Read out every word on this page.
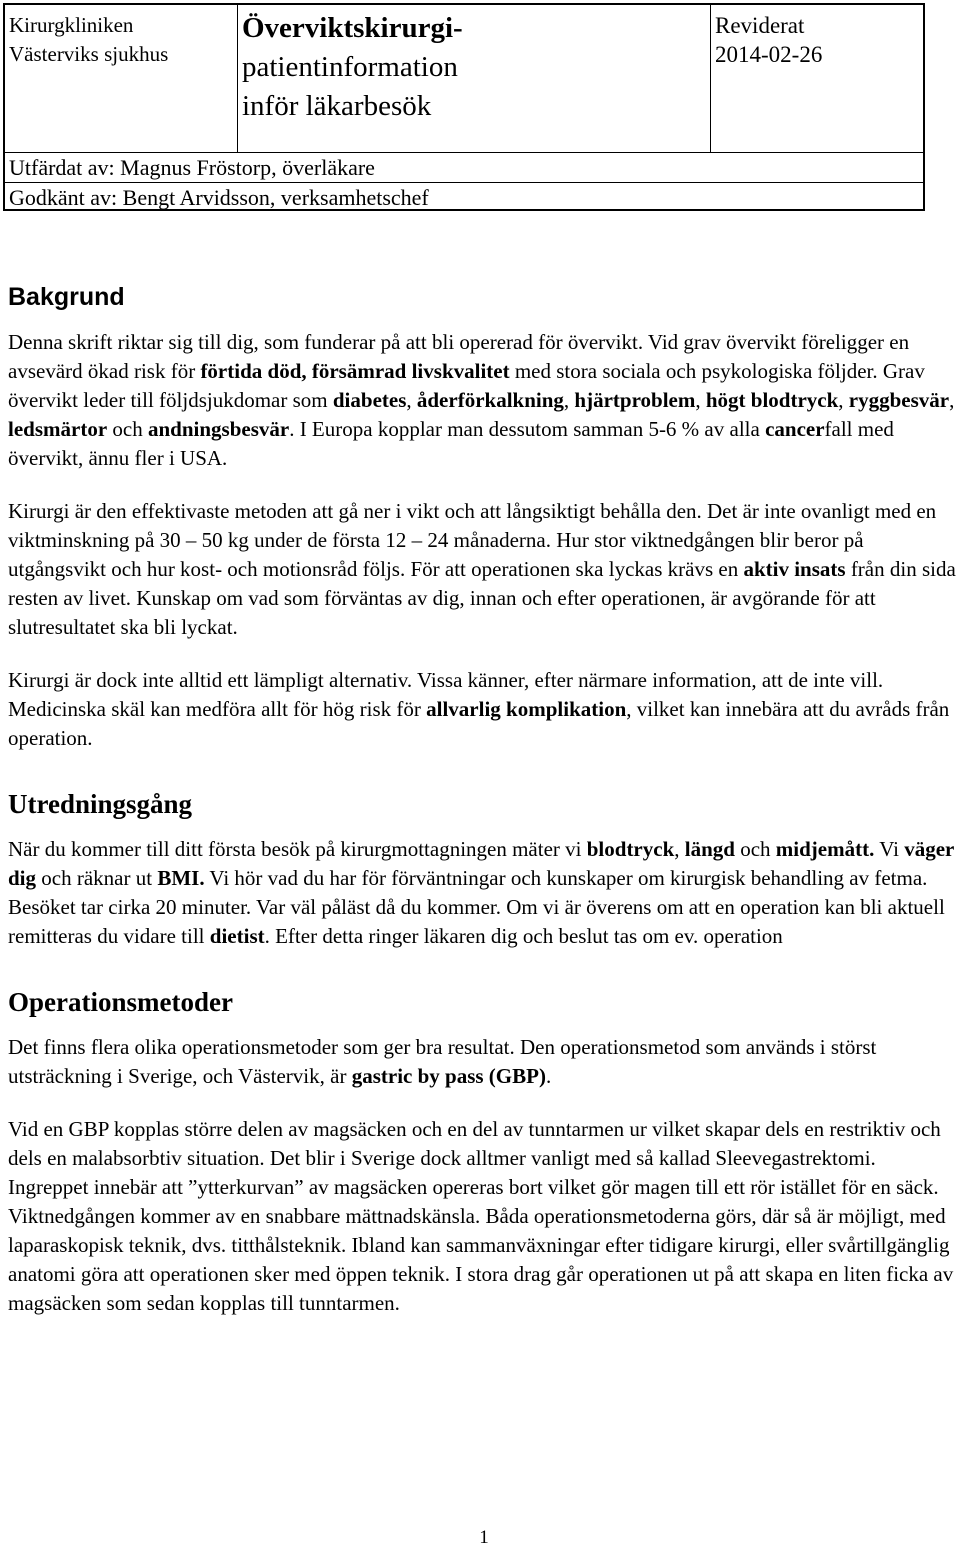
Kirurgkliniken
Västerviks sjukhus
Överviktskirurgi-
patientinformation
inför läkarbesök
Reviderat
2014-02-26
Utfärdat av: Magnus Fröstorp, överläkare
Godkänt av: Bengt Arvidsson, verksamhetschef
Bakgrund

Denna skrift riktar sig till dig, som funderar på att bli opererad för övervikt. Vid grav övervikt föreligger en avsevärd ökad risk för förtida död, försämrad livskvalitet med stora sociala och psykologiska följder. Grav övervikt leder till följdsjukdomar som diabetes, åderförkalkning, hjärtproblem, högt blodtryck, ryggbesvär, ledsmärtor och andningsbesvär. I Europa kopplar man dessutom samman 5-6 % av alla cancerfall med övervikt, ännu fler i USA.

Kirurgi är den effektivaste metoden att gå ner i vikt och att långsiktigt behålla den. Det är inte ovanligt med en viktminskning på 30 – 50 kg under de första 12 – 24 månaderna. Hur stor viktnedgången blir beror på utgångsvikt och hur kost- och motionsråd följs. För att operationen ska lyckas krävs en aktiv insats från din sida resten av livet. Kunskap om vad som förväntas av dig, innan och efter operationen, är avgörande för att slutresultatet ska bli lyckat.

Kirurgi är dock inte alltid ett lämpligt alternativ. Vissa känner, efter närmare information, att de inte vill. Medicinska skäl kan medföra allt för hög risk för allvarlig komplikation, vilket kan innebära att du avråds från operation.

Utredningsgång

När du kommer till ditt första besök på kirurgmottagningen mäter vi blodtryck, längd och midjemått. Vi väger dig och räknar ut BMI. Vi hör vad du har för förväntningar och kunskaper om kirurgisk behandling av fetma. Besöket tar cirka 20 minuter. Var väl påläst då du kommer. Om vi är överens om att en operation kan bli aktuell remitteras du vidare till dietist. Efter detta ringer läkaren dig och beslut tas om ev. operation

Operationsmetoder

Det finns flera olika operationsmetoder som ger bra resultat. Den operationsmetod som används i störst utsträckning i Sverige, och Västervik, är gastric by pass (GBP).

Vid en GBP kopplas större delen av magsäcken och en del av tunntarmen ur vilket skapar dels en restriktiv och dels en malabsorbtiv situation. Det blir i Sverige dock alltmer vanligt med så kallad Sleevegastrektomi. Ingreppet innebär att ”ytterkurvan” av magsäcken opereras bort vilket gör magen till ett rör istället för en säck. Viktnedgången kommer av en snabbare mättnadskänsla. Båda operationsmetoderna görs, där så är möjligt, med laparaskopisk teknik, dvs. titthålsteknik. Ibland kan sammanväxningar efter tidigare kirurgi, eller svårtillgänglig anatomi göra att operationen sker med öppen teknik. I stora drag går operationen ut på att skapa en liten ficka av magsäcken som sedan kopplas till tunntarmen.

1
